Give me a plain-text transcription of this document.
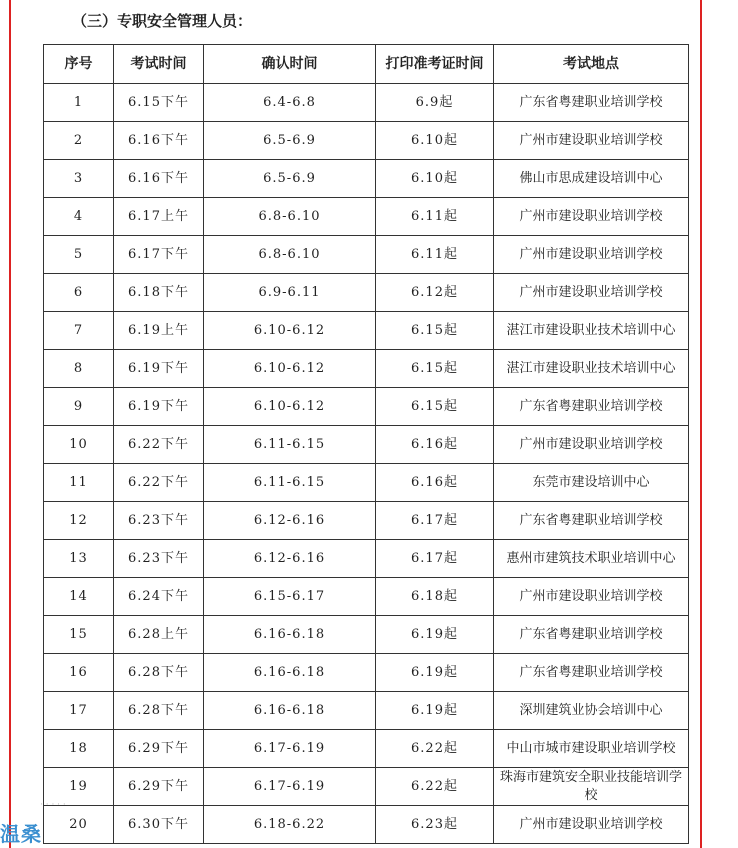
（三）专职安全管理人员：
序号	考试时间	确认时间	打印准考证时间	考试地点
1	6.15下午	6.4-6.8	6.9起	广东省粤建职业培训学校
2	6.16下午	6.5-6.9	6.10起	广州市建设职业培训学校
3	6.16下午	6.5-6.9	6.10起	佛山市思成建设培训中心
4	6.17上午	6.8-6.10	6.11起	广州市建设职业培训学校
5	6.17下午	6.8-6.10	6.11起	广州市建设职业培训学校
6	6.18下午	6.9-6.11	6.12起	广州市建设职业培训学校
7	6.19上午	6.10-6.12	6.15起	湛江市建设职业技术培训中心
8	6.19下午	6.10-6.12	6.15起	湛江市建设职业技术培训中心
9	6.19下午	6.10-6.12	6.15起	广东省粤建职业培训学校
10	6.22下午	6.11-6.15	6.16起	广州市建设职业培训学校
11	6.22下午	6.11-6.15	6.16起	东莞市建设培训中心
12	6.23下午	6.12-6.16	6.17起	广东省粤建职业培训学校
13	6.23下午	6.12-6.16	6.17起	惠州市建筑技术职业培训中心
14	6.24下午	6.15-6.17	6.18起	广州市建设职业培训学校
15	6.28上午	6.16-6.18	6.19起	广东省粤建职业培训学校
16	6.28下午	6.16-6.18	6.19起	广东省粤建职业培训学校
17	6.28下午	6.16-6.18	6.19起	深圳建筑业协会培训中心
18	6.29下午	6.17-6.19	6.22起	中山市城市建设职业培训学校
19	6.29下午	6.17-6.19	6.22起	珠海市建筑安全职业技能培训学校
20	6.30下午	6.18-6.22	6.23起	广州市建设职业培训学校
· · · · ·
温桑
